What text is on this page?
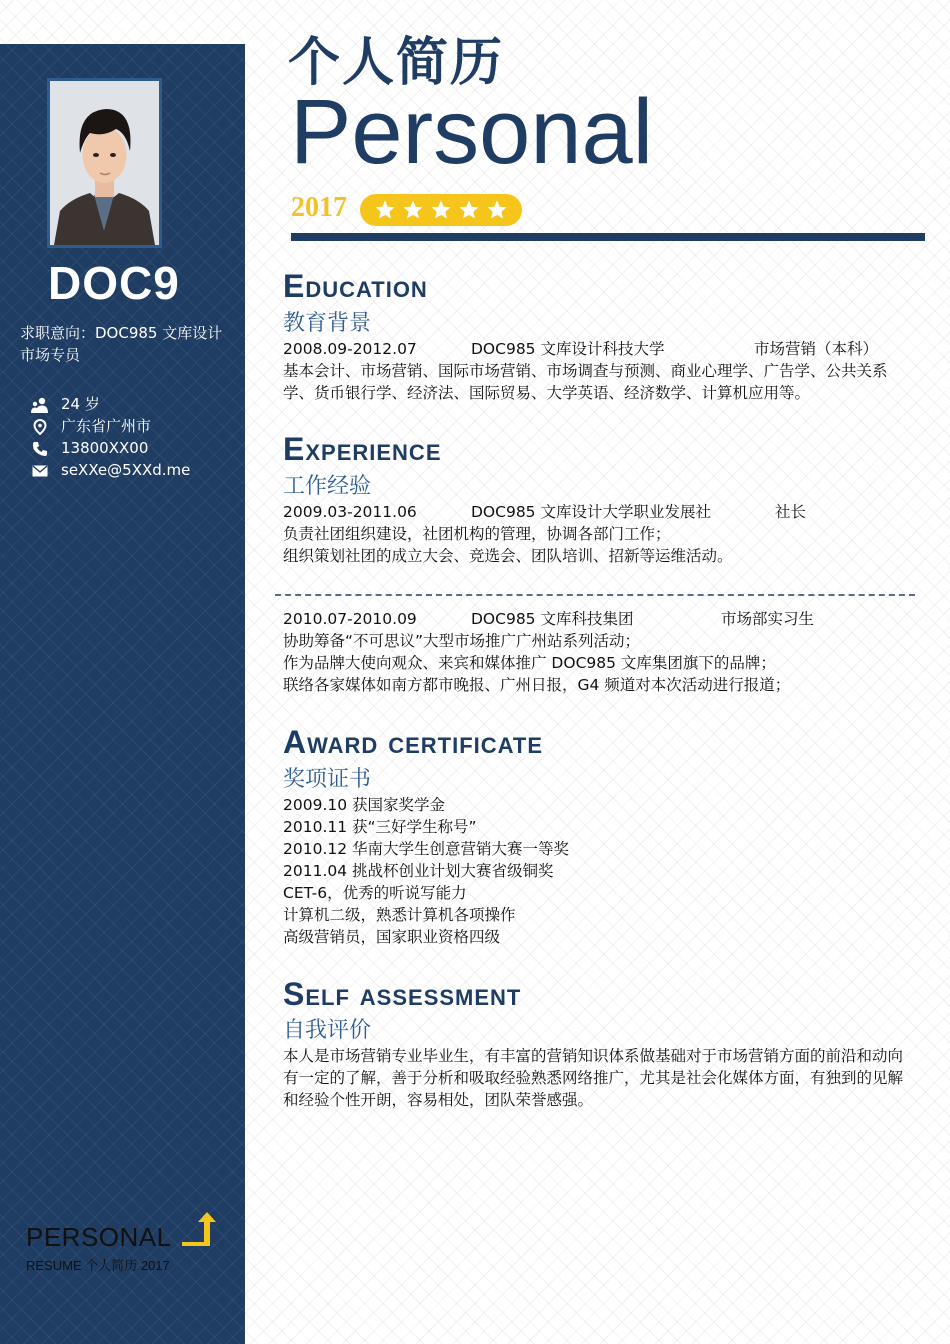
DOC9
求职意向：DOC985 文库设计市场专员
24 岁
广东省广州市
13800XX00
seXXe@5XXd.me
PERSONAL
RESUME 个人简历 2017
个人简历
Personal
2017
Education
教育背景
2008.09-2012.07	DOC985 文库设计科技大学	市场营销（本科）
基本会计、市场营销、国际市场营销、市场调查与预测、商业心理学、广告学、公共关系学、货币银行学、经济法、国际贸易、大学英语、经济数学、计算机应用等。
Experience
工作经验
2009.03-2011.06	DOC985 文库设计大学职业发展社	社长
负责社团组织建设，社团机构的管理，协调各部门工作；
组织策划社团的成立大会、竞选会、团队培训、招新等运维活动。
2010.07-2010.09	DOC985 文库科技集团	市场部实习生
协助筹备“不可思议”大型市场推广广州站系列活动；
作为品牌大使向观众、来宾和媒体推广 DOC985 文库集团旗下的品牌；
联络各家媒体如南方都市晚报、广州日报，G4 频道对本次活动进行报道；
Award certificate
奖项证书
2009.10 获国家奖学金
2010.11 获“三好学生称号”
2010.12 华南大学生创意营销大赛一等奖
2011.04 挑战杯创业计划大赛省级铜奖
CET-6，优秀的听说写能力
计算机二级，熟悉计算机各项操作
高级营销员，国家职业资格四级
Self assessment
自我评价
本人是市场营销专业毕业生，有丰富的营销知识体系做基础对于市场营销方面的前沿和动向有一定的了解，善于分析和吸取经验熟悉网络推广，尤其是社会化媒体方面，有独到的见解和经验个性开朗，容易相处，团队荣誉感强。
